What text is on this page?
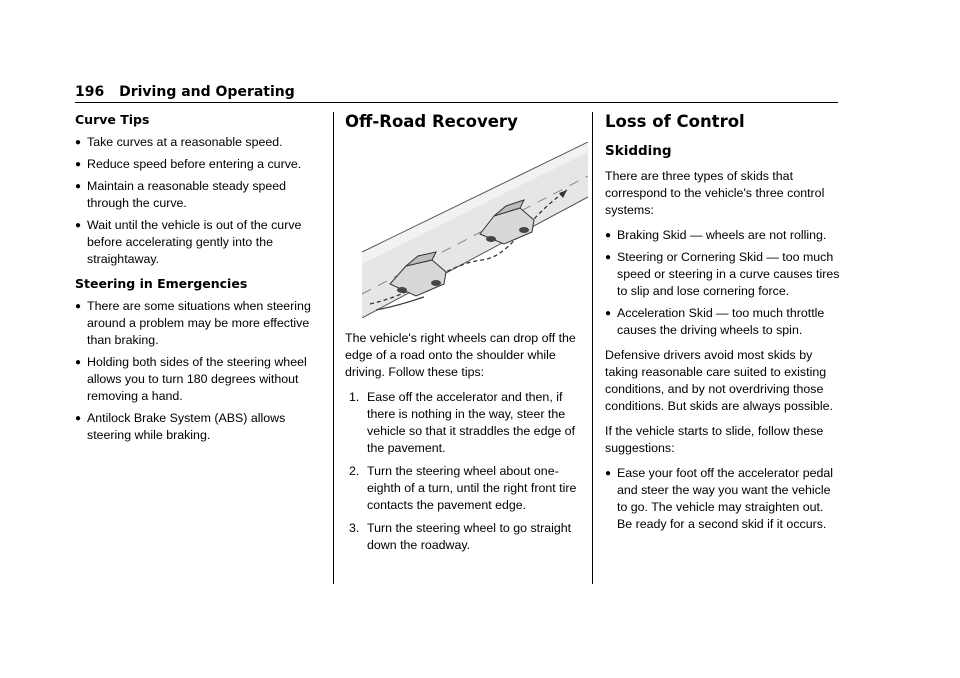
196 Driving and Operating
Curve Tips
● Take curves at a reasonable speed.
● Reduce speed before entering a curve.
● Maintain a reasonable steady speed through the curve.
● Wait until the vehicle is out of the curve before accelerating gently into the straightaway.
Steering in Emergencies
● There are some situations when steering around a problem may be more effective than braking.
● Holding both sides of the steering wheel allows you to turn 180 degrees without removing a hand.
● Antilock Brake System (ABS) allows steering while braking.
Off-Road Recovery

The vehicle's right wheels can drop off the edge of a road onto the shoulder while driving. Follow these tips:

1. Ease off the accelerator and then, if there is nothing in the way, steer the vehicle so that it straddles the edge of the pavement.
2. Turn the steering wheel about one-eighth of a turn, until the right front tire contacts the pavement edge.
3. Turn the steering wheel to go straight down the roadway.
Loss of Control
Skidding

There are three types of skids that correspond to the vehicle's three control systems:

● Braking Skid — wheels are not rolling.
● Steering or Cornering Skid — too much speed or steering in a curve causes tires to slip and lose cornering force.
● Acceleration Skid — too much throttle causes the driving wheels to spin.

Defensive drivers avoid most skids by taking reasonable care suited to existing conditions, and by not overdriving those conditions. But skids are always possible.

If the vehicle starts to slide, follow these suggestions:

● Ease your foot off the accelerator pedal and steer the way you want the vehicle to go. The vehicle may straighten out. Be ready for a second skid if it occurs.
